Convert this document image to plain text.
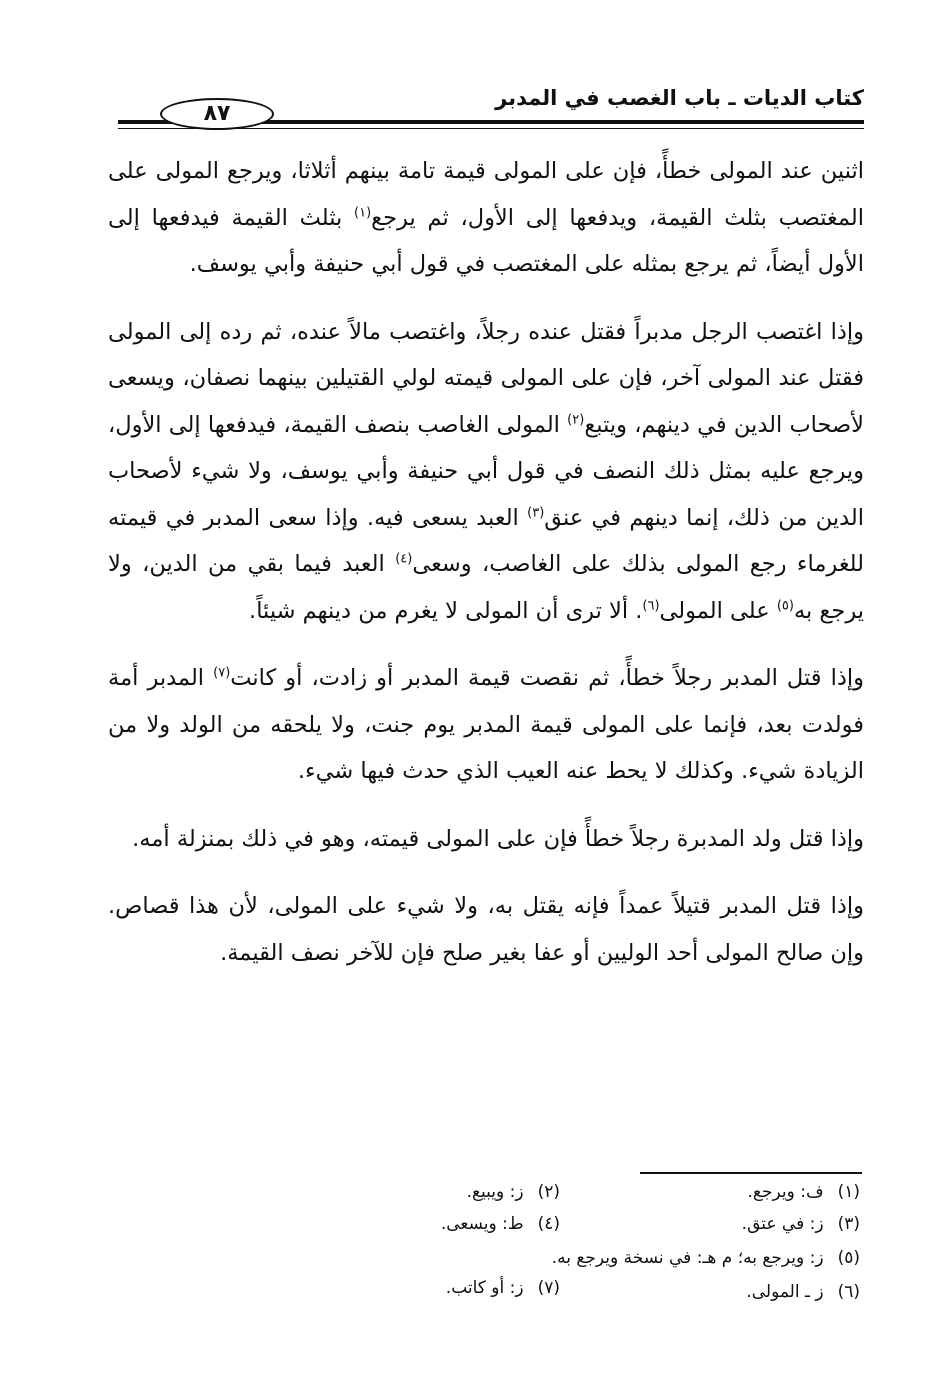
كتاب الديات ـ باب الغصب في المدبر
٨٧

اثنين عند المولى خطأً، فإن على المولى قيمة تامة بينهم أثلاثا، ويرجع المولى على المغتصب بثلث القيمة، ويدفعها إلى الأول، ثم يرجع$^{(١)}$ بثلث القيمة فيدفعها إلى الأول أيضاً، ثم يرجع بمثله على المغتصب في قول أبي حنيفة وأبي يوسف.

وإذا اغتصب الرجل مدبراً فقتل عنده رجلاً، واغتصب مالاً عنده، ثم رده إلى المولى فقتل عند المولى آخر، فإن على المولى قيمته لولي القتيلين بينهما نصفان، ويسعى لأصحاب الدين في دينهم، ويتبع$^{(٢)}$ المولى الغاصب بنصف القيمة، فيدفعها إلى الأول، ويرجع عليه بمثل ذلك النصف في قول أبي حنيفة وأبي يوسف، ولا شيء لأصحاب الدين من ذلك، إنما دينهم في عنق$^{(٣)}$ العبد يسعى فيه. وإذا سعى المدبر في قيمته للغرماء رجع المولى بذلك على الغاصب، وسعى$^{(٤)}$ العبد فيما بقي من الدين، ولا يرجع به$^{(٥)}$ على المولى$^{(٦)}$. ألا ترى أن المولى لا يغرم من دينهم شيئاً.

وإذا قتل المدبر رجلاً خطأً، ثم نقصت قيمة المدبر أو زادت، أو كانت$^{(٧)}$ المدبر أمة فولدت بعد، فإنما على المولى قيمة المدبر يوم جنت، ولا يلحقه من الولد ولا من الزيادة شيء. وكذلك لا يحط عنه العيب الذي حدث فيها شيء.

وإذا قتل ولد المدبرة رجلاً خطأً فإن على المولى قيمته، وهو في ذلك بمنزلة أمه.

وإذا قتل المدبر قتيلاً عمداً فإنه يقتل به، ولا شيء على المولى، لأن هذا قصاص. وإن صالح المولى أحد الوليين أو عفا بغير صلح فإن للآخر نصف القيمة.

(١)ف: ويرجع.
(٢)ز: ويبيع.
(٣)ز: في عتق.
(٤)ط: ويسعى.
(٥)ز: ويرجع به؛ م هـ: في نسخة ويرجع به.
(٦)ز ـ المولى.
(٧)ز: أو كاتب.
